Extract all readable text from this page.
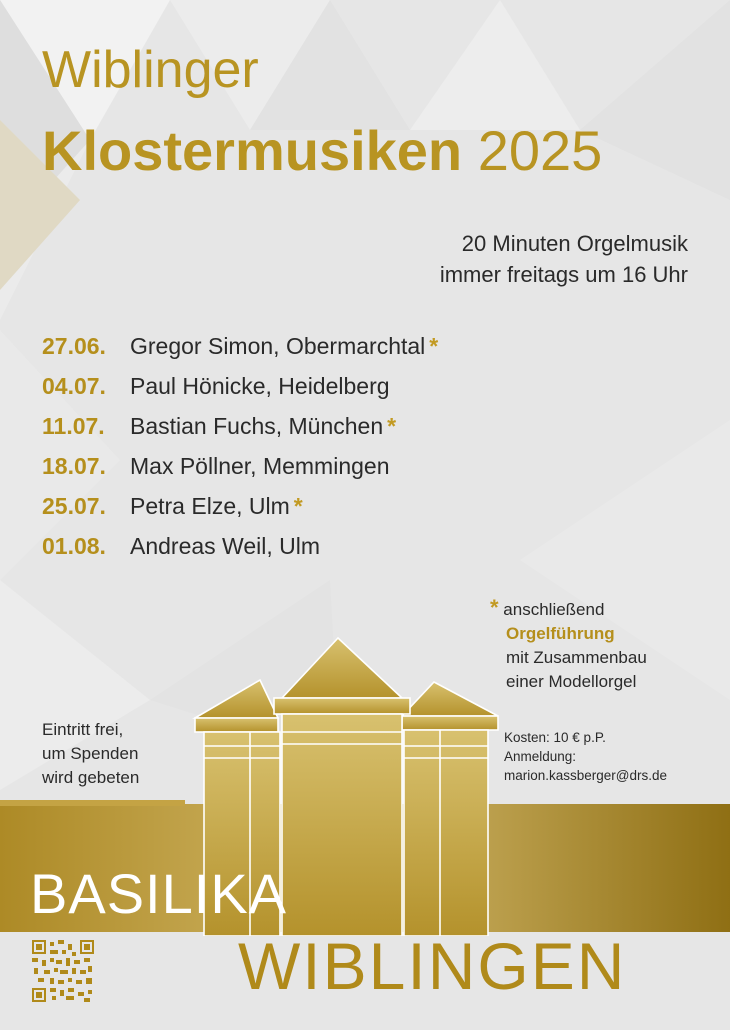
Wiblinger
Klostermusiken 2025
20 Minuten Orgelmusik
immer freitags um 16 Uhr
27.06. Gregor Simon, Obermarchtal *
04.07. Paul Hönicke, Heidelberg
11.07. Bastian Fuchs, München *
18.07. Max Pöllner, Memmingen
25.07. Petra Elze, Ulm *
01.08. Andreas Weil, Ulm
* anschließend
Orgelführung
mit Zusammenbau
einer Modellorgel
Kosten: 10 € p.P.
Anmeldung:
marion.kassberger@drs.de
Eintritt frei,
um Spenden
wird gebeten
BASILIKA
WIBLINGEN
